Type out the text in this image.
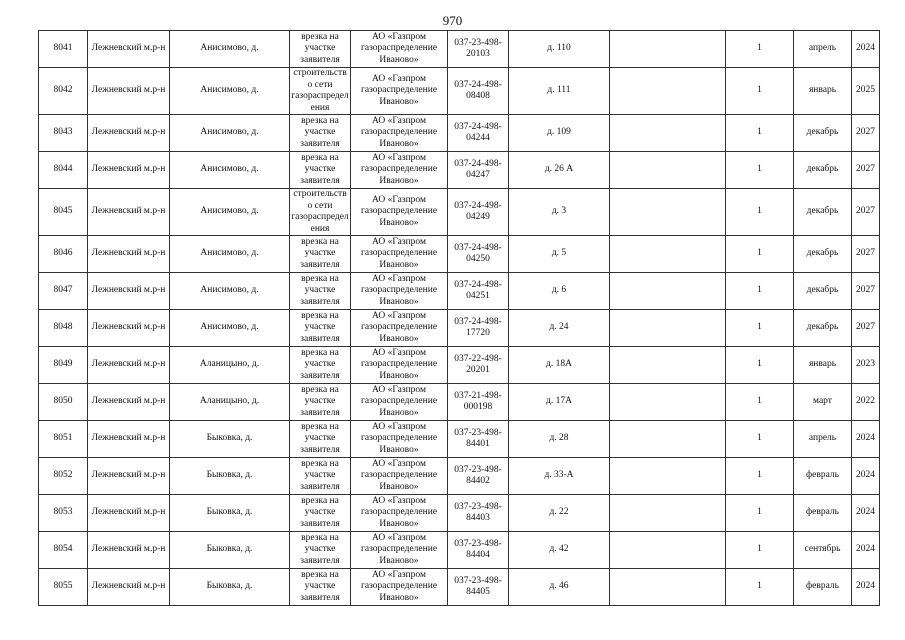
970
8041	Лежневский м.р-н	Анисимово, д.	врезка на участке заявителя	АО «Газпром газораспределение Иваново»	037-23-498-20103	д. 110		1	апрель	2024
8042	Лежневский м.р-н	Анисимово, д.	строительство сети газораспределения	АО «Газпром газораспределение Иваново»	037-24-498-08408	д. 111		1	январь	2025
8043	Лежневский м.р-н	Анисимово, д.	врезка на участке заявителя	АО «Газпром газораспределение Иваново»	037-24-498-04244	д. 109		1	декабрь	2027
8044	Лежневский м.р-н	Анисимово, д.	врезка на участке заявителя	АО «Газпром газораспределение Иваново»	037-24-498-04247	д. 26 А		1	декабрь	2027
8045	Лежневский м.р-н	Анисимово, д.	строительство сети газораспределения	АО «Газпром газораспределение Иваново»	037-24-498-04249	д. 3		1	декабрь	2027
8046	Лежневский м.р-н	Анисимово, д.	врезка на участке заявителя	АО «Газпром газораспределение Иваново»	037-24-498-04250	д. 5		1	декабрь	2027
8047	Лежневский м.р-н	Анисимово, д.	врезка на участке заявителя	АО «Газпром газораспределение Иваново»	037-24-498-04251	д. 6		1	декабрь	2027
8048	Лежневский м.р-н	Анисимово, д.	врезка на участке заявителя	АО «Газпром газораспределение Иваново»	037-24-498-17720	д. 24		1	декабрь	2027
8049	Лежневский м.р-н	Аланицыно, д.	врезка на участке заявителя	АО «Газпром газораспределение Иваново»	037-22-498-20201	д. 18А		1	январь	2023
8050	Лежневский м.р-н	Аланицыно, д.	врезка на участке заявителя	АО «Газпром газораспределение Иваново»	037-21-498-000198	д. 17А		1	март	2022
8051	Лежневский м.р-н	Быковка, д.	врезка на участке заявителя	АО «Газпром газораспределение Иваново»	037-23-498-84401	д. 28		1	апрель	2024
8052	Лежневский м.р-н	Быковка, д.	врезка на участке заявителя	АО «Газпром газораспределение Иваново»	037-23-498-84402	д. 33-А		1	февраль	2024
8053	Лежневский м.р-н	Быковка, д.	врезка на участке заявителя	АО «Газпром газораспределение Иваново»	037-23-498-84403	д. 22		1	февраль	2024
8054	Лежневский м.р-н	Быковка, д.	врезка на участке заявителя	АО «Газпром газораспределение Иваново»	037-23-498-84404	д. 42		1	сентябрь	2024
8055	Лежневский м.р-н	Быковка, д.	врезка на участке заявителя	АО «Газпром газораспределение Иваново»	037-23-498-84405	д. 46		1	февраль	2024
